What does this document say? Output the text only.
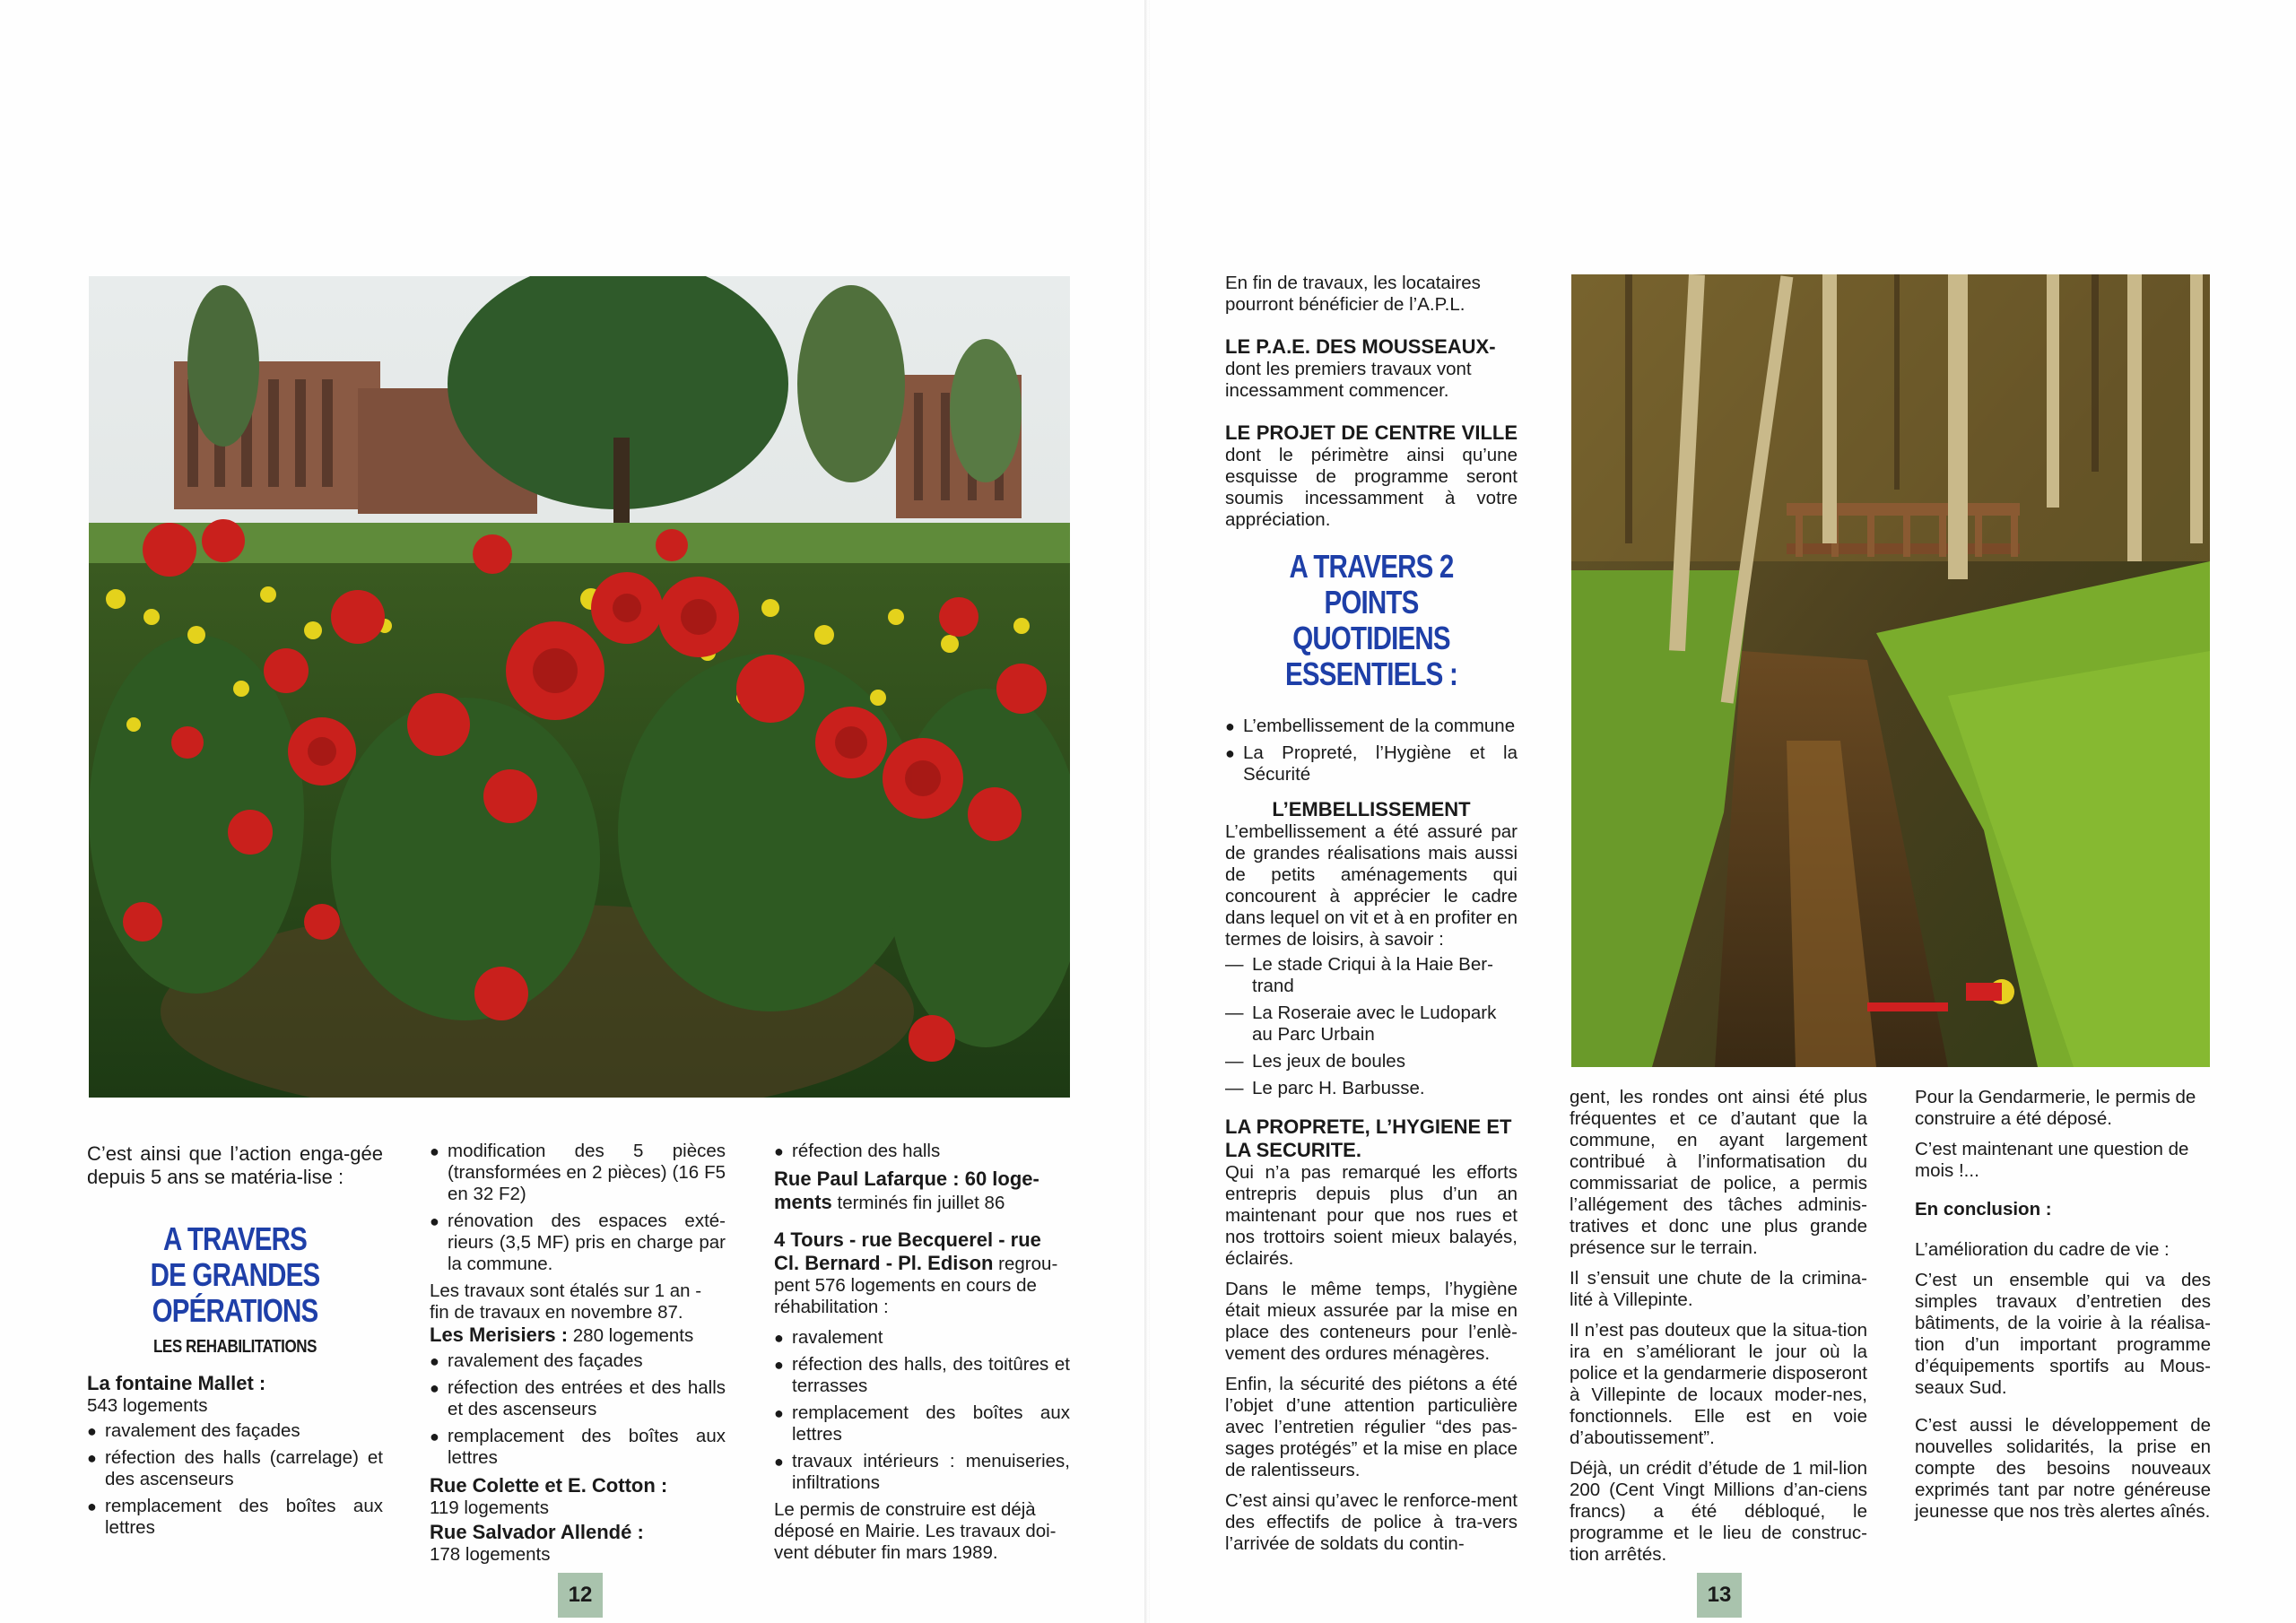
C’est ainsi que l’action enga-gée depuis 5 ans se matéria-lise :

A TRAVERS
DE GRANDES
OPÉRATIONS
LES REHABILITATIONS
La fontaine Mallet :
543 logements
● ravalement des façades
● réfection des halls (carrelage) et des ascenseurs
● remplacement des boîtes aux lettres
● modification des 5 pièces (transformées en 2 pièces) (16 F5 en 32 F2)
● rénovation des espaces exté-rieurs (3,5 MF) pris en charge par la commune.
Les travaux sont étalés sur 1 an - fin de travaux en novembre 87.
Les Merisiers : 280 logements
● ravalement des façades
● réfection des entrées et des halls et des ascenseurs
● remplacement des boîtes aux lettres
Rue Colette et E. Cotton :
119 logements
Rue Salvador Allendé :
178 logements
● réfection des halls

Rue Paul Lafarque : 60 loge-ments terminés fin juillet 86

4 Tours - rue Becquerel - rue Cl. Bernard - Pl. Edison regrou-pent 576 logements en cours de réhabilitation :

● ravalement
● réfection des halls, des toitûres et terrasses
● remplacement des boîtes aux lettres
● travaux intérieurs : menuiseries, infiltrations

Le permis de construire est déjà déposé en Mairie. Les travaux doi-vent débuter fin mars 1989.

12

En fin de travaux, les locataires pourront bénéficier de l’A.P.L.

LE P.A.E. DES MOUSSEAUX-

dont les premiers travaux vont incessamment commencer.

LE PROJET DE CENTRE VILLE dont le périmètre ainsi qu’une esquisse de programme seront soumis incessamment à votre appréciation.

A TRAVERS 2 POINTS
QUOTIDIENS
ESSENTIELS :
● L’embellissement de la commune
● La Propreté, l’Hygiène et la Sécurité
L’EMBELLISSEMENT

L’embellissement a été assuré par de grandes réalisations mais aussi de petits aménagements qui concourent à apprécier le cadre dans lequel on vit et à en profiter en termes de loisirs, à savoir :

— Le stade Criqui à la Haie Ber-trand
— La Roseraie avec le Ludopark au Parc Urbain
— Les jeux de boules
— Le parc H. Barbusse.
LA PROPRETE, L’HYGIENE ET LA SECURITE.

Qui n’a pas remarqué les efforts entrepris depuis plus d’un an maintenant pour que nos rues et nos trottoirs soient mieux balayés, éclairés.

Dans le même temps, l’hygiène était mieux assurée par la mise en place des conteneurs pour l’enlè-vement des ordures ménagères.

Enfin, la sécurité des piétons a été l’objet d’une attention particulière avec l’entretien régulier “des pas-sages protégés” et la mise en place de ralentisseurs.

C’est ainsi qu’avec le renforce-ment des effectifs de police à tra-vers l’arrivée de soldats du contin-

gent, les rondes ont ainsi été plus fréquentes et ce d’autant que la commune, en ayant largement contribué à l’informatisation du commissariat de police, a permis l’allégement des tâches adminis-tratives et donc une plus grande présence sur le terrain.

Il s’ensuit une chute de la crimina-lité à Villepinte.

Il n’est pas douteux que la situa-tion ira en s’améliorant le jour où la police et la gendarmerie disposeront à Villepinte de locaux moder-nes, fonctionnels. Elle est en voie d’aboutissement”.

Déjà, un crédit d’étude de 1 mil-lion 200 (Cent Vingt Millions d’an-ciens francs) a été débloqué, le programme et le lieu de construc-tion arrêtés.

Pour la Gendarmerie, le permis de construire a été déposé.

C’est maintenant une question de mois !...

En conclusion :

L’amélioration du cadre de vie :

C’est un ensemble qui va des simples travaux d’entretien des bâtiments, de la voirie à la réalisa-tion d’un important programme d’équipements sportifs au Mous-seaux Sud.

C’est aussi le développement de nouvelles solidarités, la prise en compte des besoins nouveaux exprimés tant par notre généreuse jeunesse que nos très alertes aînés.

13
